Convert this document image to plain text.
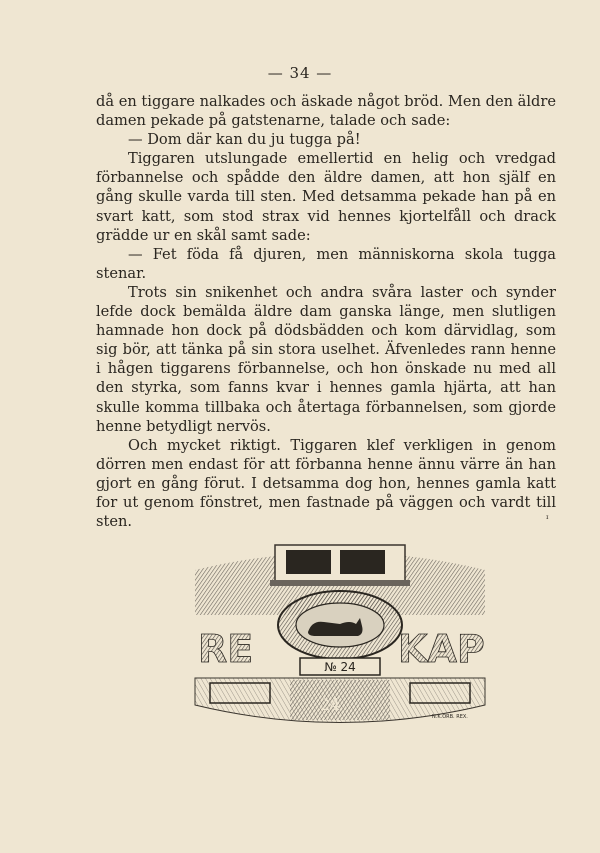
— 34 —

då en tiggare nalkades och äskade något bröd. Men den äldre damen pekade på gatstenarne, talade och sade:

— Dom där kan du ju tugga på!

Tiggaren utslungade emellertid en helig och vredgad förbannelse och spådde den äldre damen, att hon själf en gång skulle varda till sten. Med detsamma pekade han på en svart katt, som stod strax vid hennes kjortelfåll och drack grädde ur en skål samt sade:

— Fet föda få djuren, men människorna skola tugga stenar.

Trots sin snikenhet och andra svåra laster och synder lefde dock bemälda äldre dam ganska länge, men slutligen hamnade hon dock på dödsbädden och kom därvidlag, som sig bör, att tänka på sin stora uselhet. Äfvenledes rann henne i hågen tiggarens förbannelse, och hon önskade nu med all den styrka, som fanns kvar i hennes gamla hjärta, att han skulle komma tillbaka och återtaga förbannelsen, som gjorde henne betydligt nervös.

Och mycket riktigt. Tiggaren klef verkligen in genom dörren men endast för att förbanna henne ännu värre än han gjort en gång förut. I detsamma dog hon, hennes gamla katt for ut genom fönstret, men fastnade på väggen och vardt till sten.	ᶦ
RE	KAP
№ 24
24
N.K.ORB. REX.
